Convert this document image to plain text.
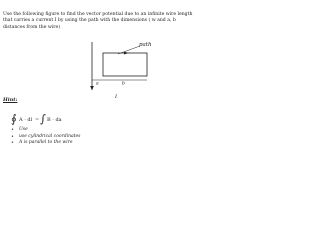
Use the following figure to find the vector potential due to an infinite wire length that carries a current I by using the path with the dimensions ( w and a, b distances from the wire)

path
a	b
I

Hint:

∮ A · dl = ∫ B · da
• Use
• use cylindrical coordinates
• A is parallel to the wire
